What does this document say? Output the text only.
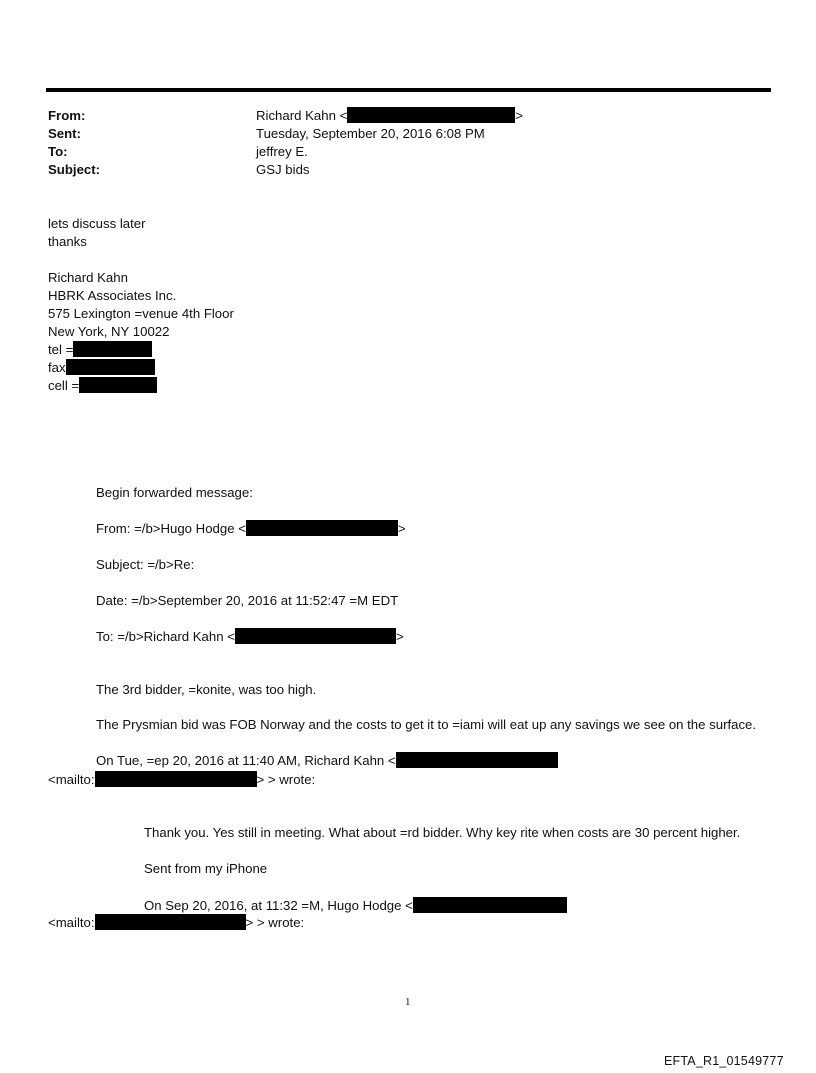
From:	Richard Kahn <	>
Sent:	Tuesday, September 20, 2016 6:08 PM
To:	jeffrey E.
Subject:	GSJ bids
lets discuss later
thanks
Richard Kahn
HBRK Associates Inc.
575 Lexington =venue 4th Floor
New York, NY 10022
tel =
fax
cell =
Begin forwarded message:
From: =/b>Hugo Hodge <	>
Subject: =/b>Re:
Date: =/b>September 20, 2016 at 11:52:47 =M EDT
To: =/b>Richard Kahn <	>
The 3rd bidder, =konite, was too high.
The Prysmian bid was FOB Norway and the costs to get it to =iami will eat up any savings we see on the surface.
On Tue, =ep 20, 2016 at 11:40 AM, Richard Kahn <
<mailto:	> > wrote:
Thank you. Yes still in meeting. What about =rd bidder. Why key rite when costs are 30 percent higher.
Sent from my iPhone
On Sep 20, 2016, at 11:32 =M, Hugo Hodge <
<mailto:	> > wrote:
1
EFTA_R1_01549777
